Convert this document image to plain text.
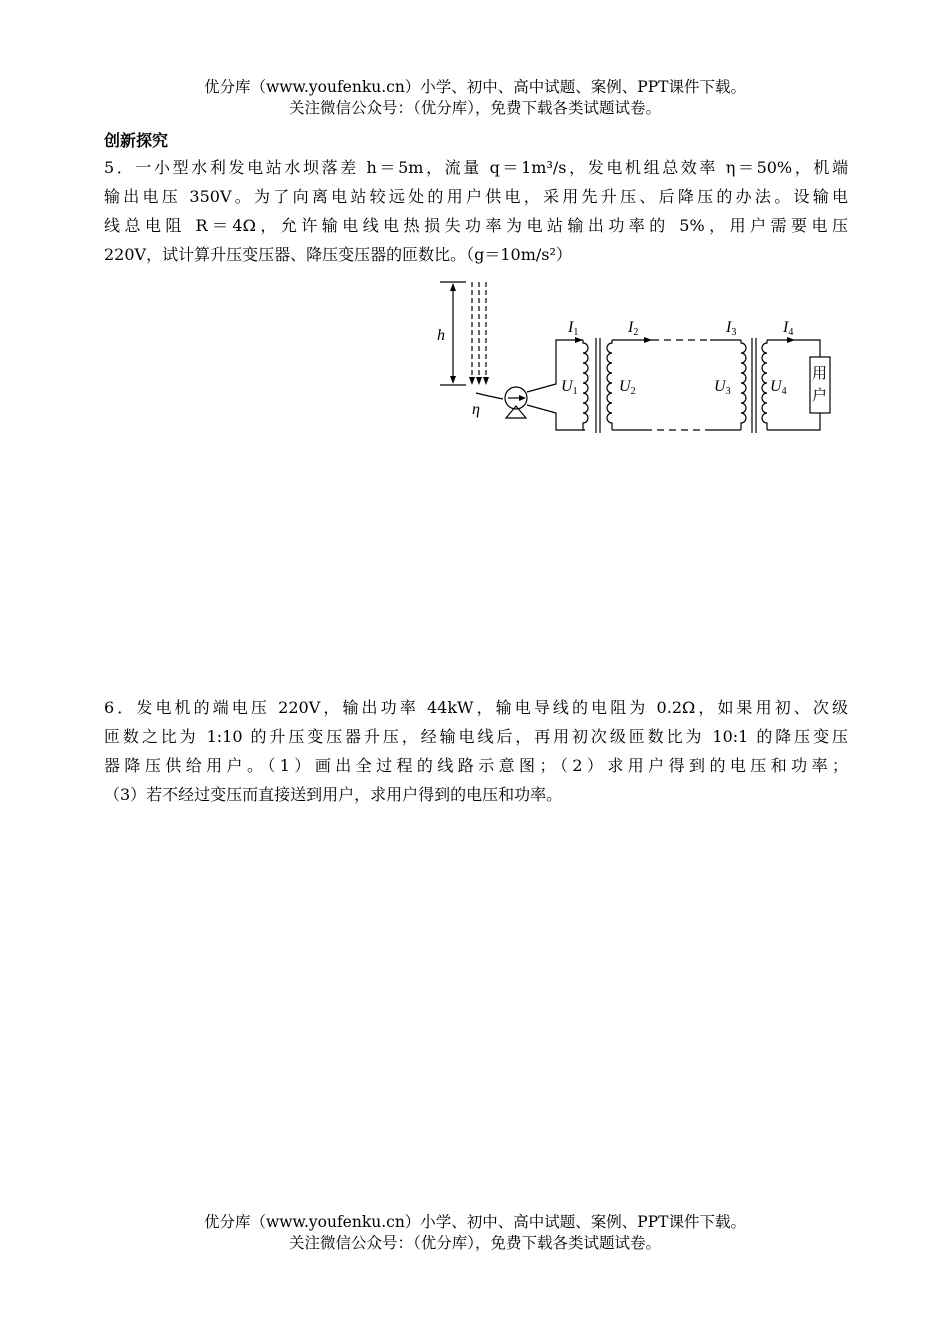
优分库（www.youfenku.cn）小学、初中、高中试题、案例、PPT课件下载。
关注微信公众号：（优分库），免费下载各类试题试卷。
创新探究
5．一小型水利发电站水坝落差 h＝5m，流量 q＝1m³/s，发电机组总效率 η＝50%，机端
输出电压 350V。为了向离电站较远处的用户供电，采用先升压、后降压的办法。设输电
线总电阻 R＝4Ω，允许输电线电热损失功率为电站输出功率的 5%，用户需要电压
220V，试计算升压变压器、降压变压器的匝数比。（g＝10m/s²）
h
η
I1	I2	I3	I4
U1	U2	U3 U4
用
户
6．发电机的端电压 220V，输出功率 44kW，输电导线的电阻为 0.2Ω，如果用初、次级
匝数之比为 1:10 的升压变压器升压，经输电线后，再用初次级匝数比为 10:1 的降压变压
器降压供给用户。（1）画出全过程的线路示意图；（2）求用户得到的电压和功率；
（3）若不经过变压而直接送到用户，求用户得到的电压和功率。
优分库（www.youfenku.cn）小学、初中、高中试题、案例、PPT课件下载。
关注微信公众号：（优分库），免费下载各类试题试卷。
